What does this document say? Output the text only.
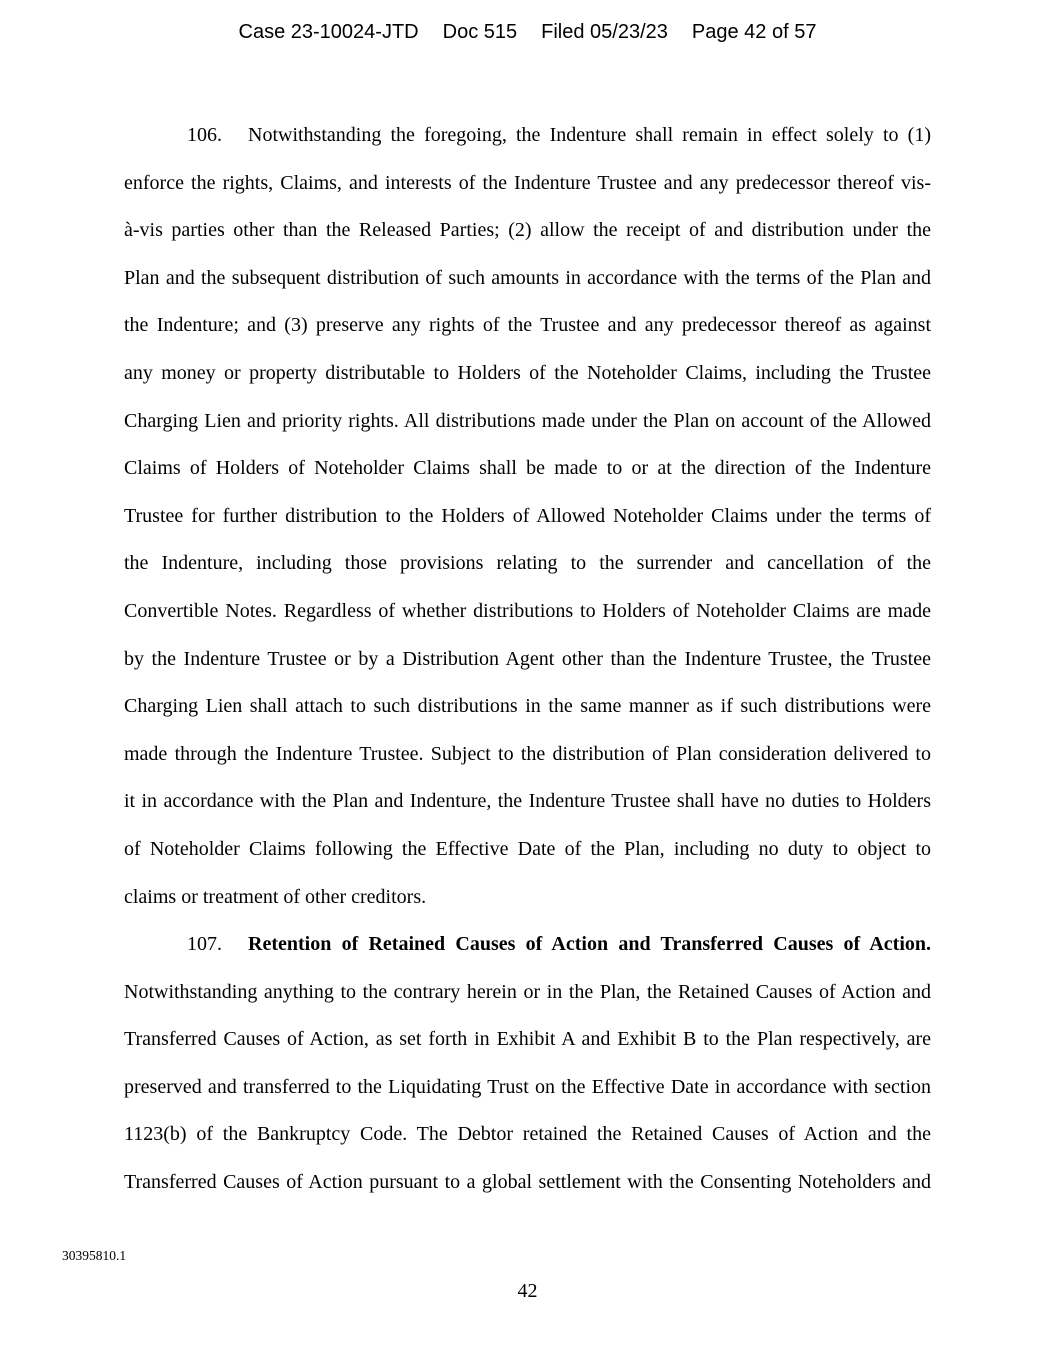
Case 23-10024-JTD Doc 515 Filed 05/23/23 Page 42 of 57
106. Notwithstanding the foregoing, the Indenture shall remain in effect solely to (1)
enforce the rights, Claims, and interests of the Indenture Trustee and any predecessor thereof vis-
à-vis parties other than the Released Parties; (2) allow the receipt of and distribution under the
Plan and the subsequent distribution of such amounts in accordance with the terms of the Plan and
the Indenture; and (3) preserve any rights of the Trustee and any predecessor thereof as against
any money or property distributable to Holders of the Noteholder Claims, including the Trustee
Charging Lien and priority rights. All distributions made under the Plan on account of the Allowed
Claims of Holders of Noteholder Claims shall be made to or at the direction of the Indenture
Trustee for further distribution to the Holders of Allowed Noteholder Claims under the terms of
the Indenture, including those provisions relating to the surrender and cancellation of the
Convertible Notes. Regardless of whether distributions to Holders of Noteholder Claims are made
by the Indenture Trustee or by a Distribution Agent other than the Indenture Trustee, the Trustee
Charging Lien shall attach to such distributions in the same manner as if such distributions were
made through the Indenture Trustee. Subject to the distribution of Plan consideration delivered to
it in accordance with the Plan and Indenture, the Indenture Trustee shall have no duties to Holders
of Noteholder Claims following the Effective Date of the Plan, including no duty to object to
claims or treatment of other creditors.
107. Retention of Retained Causes of Action and Transferred Causes of Action.
Notwithstanding anything to the contrary herein or in the Plan, the Retained Causes of Action and
Transferred Causes of Action, as set forth in Exhibit A and Exhibit B to the Plan respectively, are
preserved and transferred to the Liquidating Trust on the Effective Date in accordance with section
1123(b) of the Bankruptcy Code. The Debtor retained the Retained Causes of Action and the
Transferred Causes of Action pursuant to a global settlement with the Consenting Noteholders and
30395810.1
42
